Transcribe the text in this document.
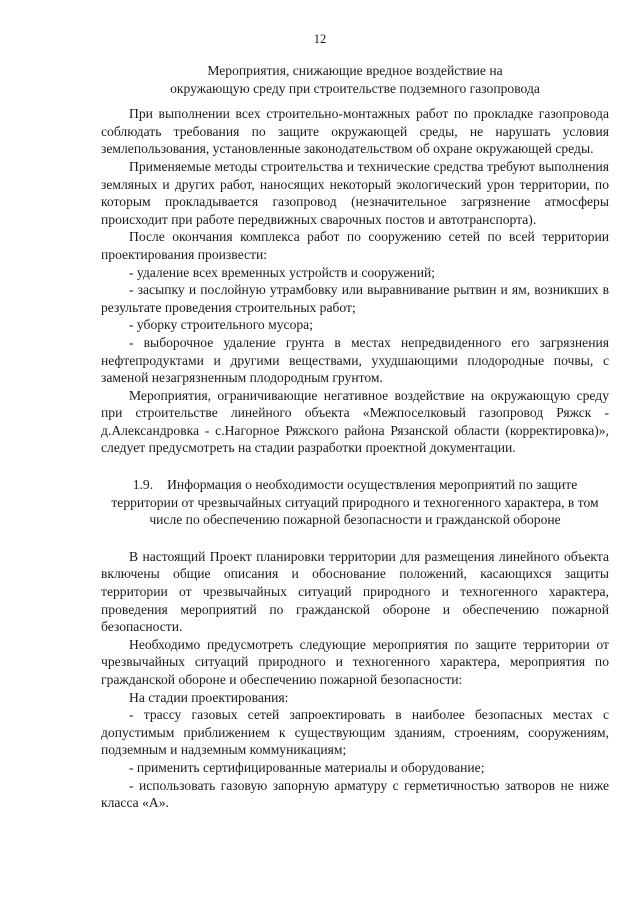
12
Мероприятия, снижающие вредное воздействие на
окружающую среду при строительстве подземного газопровода

При выполнении всех строительно-монтажных работ по прокладке газопровода соблюдать требования по защите окружающей среды, не нарушать условия землепользования, установленные законодательством об охране окружающей среды.

Применяемые методы строительства и технические средства требуют выполнения земляных и других работ, наносящих некоторый экологический урон территории, по которым прокладывается газопровод (незначительное загрязнение атмосферы происходит при работе передвижных сварочных постов и автотранспорта).

После окончания комплекса работ по сооружению сетей по всей территории проектирования произвести:

- удаление всех временных устройств и сооружений;

- засыпку и послойную утрамбовку или выравнивание рытвин и ям, возникших в результате проведения строительных работ;

- уборку строительного мусора;

- выборочное удаление грунта в местах непредвиденного его загрязнения нефтепродуктами и другими веществами, ухудшающими плодородные почвы, с заменой незагрязненным плодородным грунтом.

Мероприятия, ограничивающие негативное воздействие на окружающую среду при строительстве линейного объекта «Межпоселковый газопровод Ряжск - д.Александровка - с.Нагорное Ряжского района Рязанской области (корректировка)», следует предусмотреть на стадии разработки проектной документации.

1.9. Информация о необходимости осуществления мероприятий по защите территории от чрезвычайных ситуаций природного и техногенного характера, в том числе по обеспечению пожарной безопасности и гражданской обороне

В настоящий Проект планировки территории для размещения линейного объекта включены общие описания и обоснование положений, касающихся защиты территории от чрезвычайных ситуаций природного и техногенного характера, проведения мероприятий по гражданской обороне и обеспечению пожарной безопасности.

Необходимо предусмотреть следующие мероприятия по защите территории от чрезвычайных ситуаций природного и техногенного характера, мероприятия по гражданской обороне и обеспечению пожарной безопасности:

На стадии проектирования:

- трассу газовых сетей запроектировать в наиболее безопасных местах с допустимым приближением к существующим зданиям, строениям, сооружениям, подземным и надземным коммуникациям;

- применить сертифицированные материалы и оборудование;

- использовать газовую запорную арматуру с герметичностью затворов не ниже класса «А».
